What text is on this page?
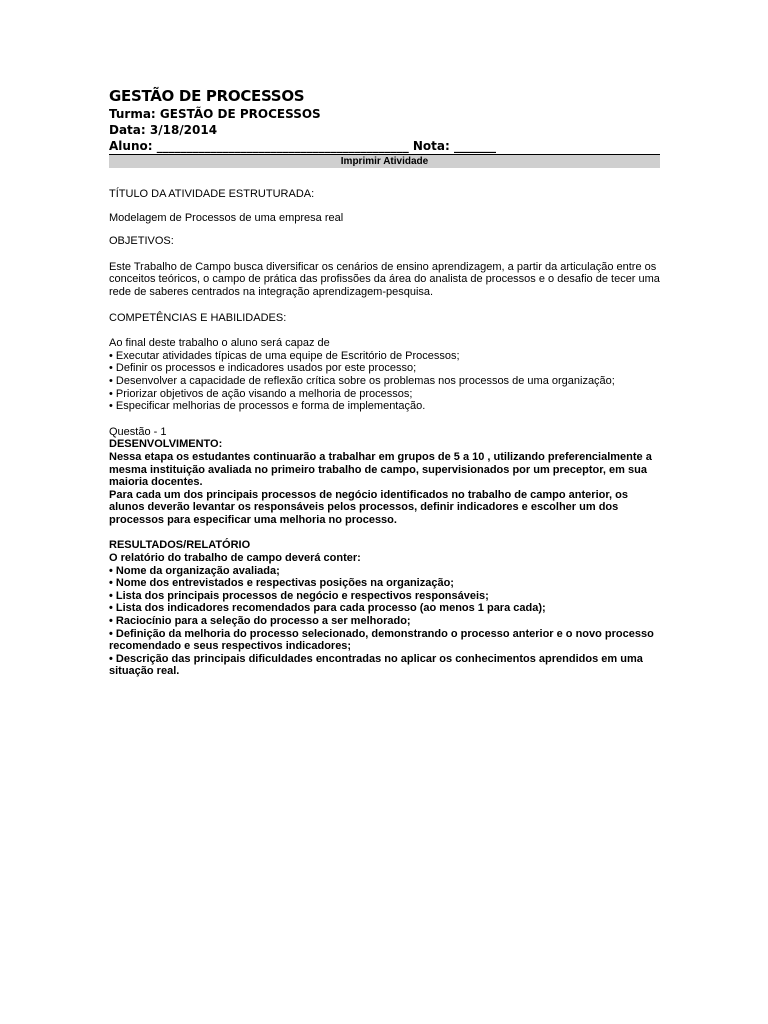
GESTÃO DE PROCESSOS

Turma: GESTÃO DE PROCESSOS

Data: 3/18/2014

Aluno: __________________________________________ Nota: _______

Imprimir Atividade

TÍTULO DA ATIVIDADE ESTRUTURADA:

Modelagem de Processos de uma empresa real

OBJETIVOS:

Este Trabalho de Campo busca diversificar os cenários de ensino aprendizagem, a partir da articulação entre os conceitos teóricos, o campo de prática das profissões da área do analista de processos e o desafio de tecer uma rede de saberes centrados na integração aprendizagem-pesquisa.

COMPETÊNCIAS E HABILIDADES:

Ao final deste trabalho o aluno será capaz de

• Executar atividades típicas de uma equipe de Escritório de Processos;
• Definir os processos e indicadores usados por este processo;
• Desenvolver a capacidade de reflexão crítica sobre os problemas nos processos de uma organização;
• Priorizar objetivos de ação visando a melhoria de processos;
• Especificar melhorias de processos e forma de implementação.

Questão - 1

DESENVOLVIMENTO:

Nessa etapa os estudantes continuarão a trabalhar em grupos de 5 a 10 , utilizando preferencialmente a mesma instituição avaliada no primeiro trabalho de campo, supervisionados por um preceptor, em sua maioria docentes.

Para cada um dos principais processos de negócio identificados no trabalho de campo anterior, os alunos deverão levantar os responsáveis pelos processos, definir indicadores e escolher um dos processos para especificar uma melhoria no processo.

RESULTADOS/RELATÓRIO

O relatório do trabalho de campo deverá conter:

• Nome da organização avaliada;
• Nome dos entrevistados e respectivas posições na organização;
• Lista dos principais processos de negócio e respectivos responsáveis;
• Lista dos indicadores recomendados para cada processo (ao menos 1 para cada);
• Raciocínio para a seleção do processo a ser melhorado;
• Definição da melhoria do processo selecionado, demonstrando o processo anterior e o novo processo recomendado e seus respectivos indicadores;
• Descrição das principais dificuldades encontradas no aplicar os conhecimentos aprendidos em uma situação real.
